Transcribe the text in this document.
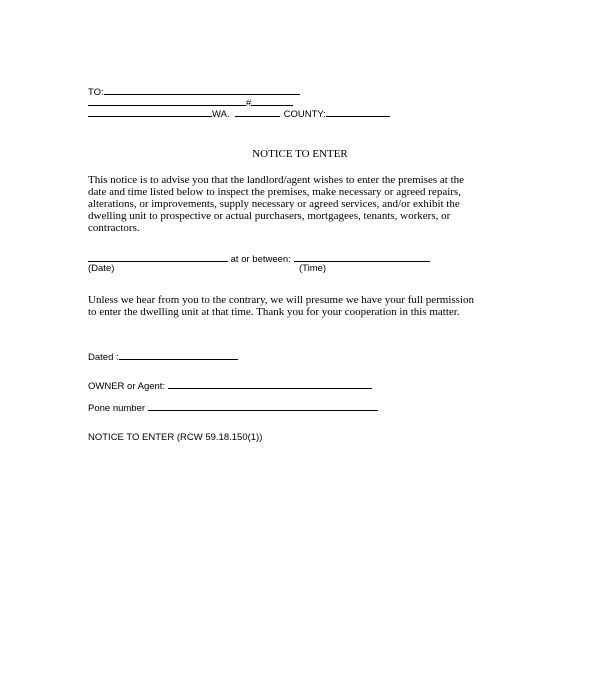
TO:
#
WA.	COUNTY:
NOTICE TO ENTER
This notice is to advise you that the landlord/agent wishes to enter the premises at the
date and time listed below to inspect the premises, make necessary or agreed repairs,
alterations, or improvements, supply necessary or agreed services, and/or exhibit the
dwelling unit to prospective or actual purchasers, mortgagees, tenants, workers, or
contractors.
at or between:
(Date)	(Time)
Unless we hear from you to the contrary, we will presume we have your full permission
to enter the dwelling unit at that time. Thank you for your cooperation in this matter.
Dated :
OWNER or Agent:
Pone number
NOTICE TO ENTER (RCW 59.18.150(1))
